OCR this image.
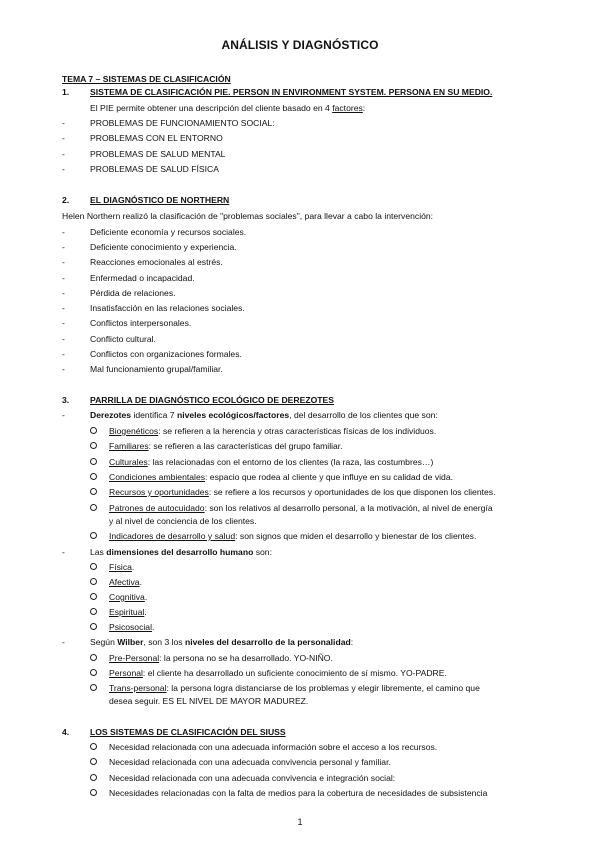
ANÁLISIS Y DIAGNÓSTICO
TEMA 7 – SISTEMAS DE CLASIFICACIÓN
1. SISTEMA DE CLASIFICACIÓN PIE. PERSON IN ENVIRONMENT SYSTEM. PERSONA EN SU MEDIO.
El PIE permite obtener una descripción del cliente basado en 4 factores:
-	PROBLEMAS DE FUNCIONAMIENTO SOCIAL:
-	PROBLEMAS CON EL ENTORNO
-	PROBLEMAS DE SALUD MENTAL
-	PROBLEMAS DE SALUD FÍSICA
2. EL DIAGNÓSTICO DE NORTHERN
Helen Northern realizó la clasificación de "problemas sociales", para llevar a cabo la intervención:
-	Deficiente economía y recursos sociales.
-	Deficiente conocimiento y experiencia.
-	Reacciones emocionales al estrés.
-	Enfermedad o incapacidad.
-	Pérdida de relaciones.
-	Insatisfacción en las relaciones sociales.
-	Conflictos interpersonales.
-	Conflicto cultural.
-	Conflictos con organizaciones formales.
-	Mal funcionamiento grupal/familiar.
3. PARRILLA DE DIAGNÓSTICO ECOLÓGICO DE DEREZOTES
-	Derezotes identifica 7 niveles ecológicos/factores, del desarrollo de los clientes que son:
Biogenéticos: se refieren a la herencia y otras características físicas de los individuos.
Familiares: se refieren a las características del grupo familiar.
Culturales: las relacionadas con el entorno de los clientes (la raza, las costumbres…)
Condiciones ambientales: espacio que rodea al cliente y que influye en su calidad de vida.
Recursos y oportunidades: se refiere a los recursos y oportunidades de los que disponen los clientes.
Patrones de autocuidado: son los relativos al desarrollo personal, a la motivación, al nivel de energía
y al nivel de conciencia de los clientes.
Indicadores de desarrollo y salud: son signos que miden el desarrollo y bienestar de los clientes.
-	Las dimensiones del desarrollo humano son:
Física.
Afectiva.
Cognitiva.
Espiritual.
Psicosocial.
-	Según Wilber, son 3 los niveles del desarrollo de la personalidad:
Pre-Personal: la persona no se ha desarrollado. YO-NIÑO.
Personal: el cliente ha desarrollado un suficiente conocimiento de sí mismo. YO-PADRE.
Trans-personal: la persona logra distanciarse de los problemas y elegir libremente, el camino que
desea seguir. ES EL NIVEL DE MAYOR MADUREZ.
4. LOS SISTEMAS DE CLASIFICACIÓN DEL SIUSS
Necesidad relacionada con una adecuada información sobre el acceso a los recursos.
Necesidad relacionada con una adecuada convivencia personal y familiar.
Necesidad relacionada con una adecuada convivencia e integración social:
Necesidades relacionadas con la falta de medios para la cobertura de necesidades de subsistencia
1
